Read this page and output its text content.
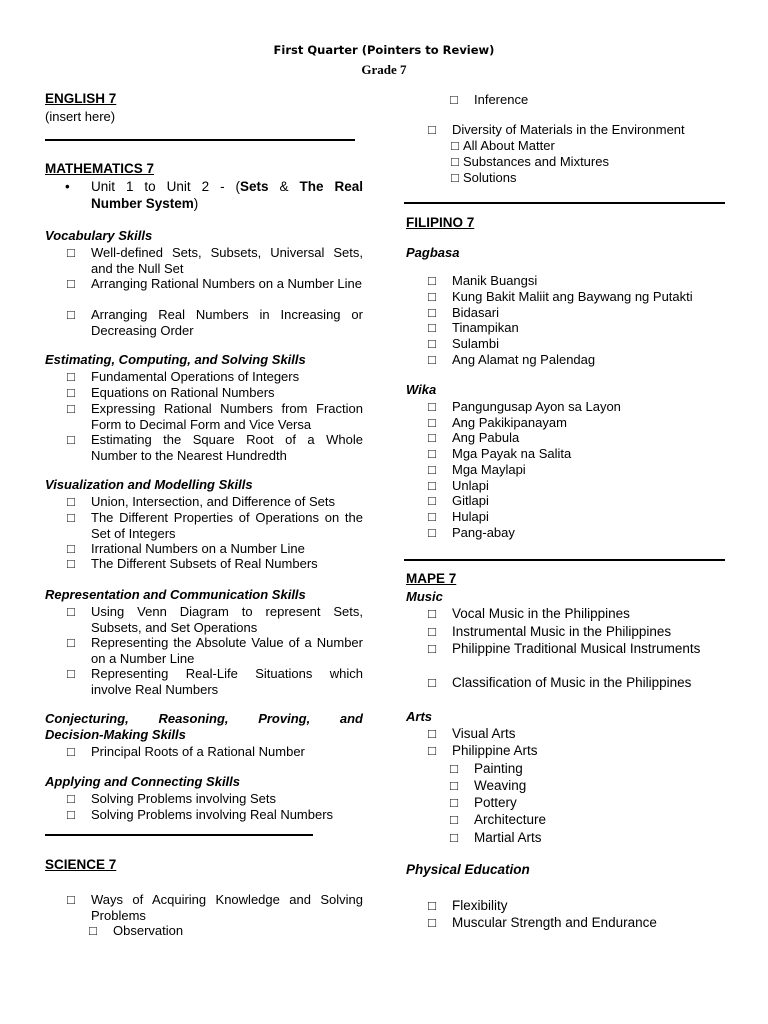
First Quarter (Pointers to Review)
Grade 7
ENGLISH 7
(insert here)
MATHEMATICS 7
• Unit 1 to Unit 2 - (Sets & The Real
Number System)
Vocabulary Skills
□ Well-defined Sets, Subsets, Universal Sets, and the Null Set
□ Arranging Rational Numbers on a Number Line
□ Arranging Real Numbers in Increasing or Decreasing Order
Estimating, Computing, and Solving Skills
□ Fundamental Operations of Integers
□ Equations on Rational Numbers
□ Expressing Rational Numbers from Fraction Form to Decimal Form and Vice Versa
□ Estimating the Square Root of a Whole Number to the Nearest Hundredth
Visualization and Modelling Skills
□ Union, Intersection, and Difference of Sets
□ The Different Properties of Operations on the Set of Integers
□ Irrational Numbers on a Number Line
□ The Different Subsets of Real Numbers
Representation and Communication Skills
□ Using Venn Diagram to represent Sets, Subsets, and Set Operations
□ Representing the Absolute Value of a Number on a Number Line
□ Representing Real-Life Situations which involve Real Numbers
Conjecturing, Reasoning, Proving, and
Decision-Making Skills
□ Principal Roots of a Rational Number
Applying and Connecting Skills
□ Solving Problems involving Sets
□ Solving Problems involving Real Numbers
SCIENCE 7
□ Ways of Acquiring Knowledge and Solving Problems
□ Observation
□ Inference
□ Diversity of Materials in the Environment
□ All About Matter
□ Substances and Mixtures
□ Solutions
FILIPINO 7
Pagbasa
□ Manik Buangsi
□ Kung Bakit Maliit ang Baywang ng Putakti
□ Bidasari
□ Tinampikan
□ Sulambi
□ Ang Alamat ng Palendag
Wika
□ Pangungusap Ayon sa Layon
□ Ang Pakikipanayam
□ Ang Pabula
□ Mga Payak na Salita
□ Mga Maylapi
□ Unlapi
□ Gitlapi
□ Hulapi
□ Pang-abay
MAPE 7
Music
□ Vocal Music in the Philippines
□ Instrumental Music in the Philippines
□ Philippine Traditional Musical Instruments
□ Classification of Music in the Philippines
Arts
□ Visual Arts
□ Philippine Arts
□ Painting
□ Weaving
□ Pottery
□ Architecture
□ Martial Arts
Physical Education
□ Flexibility
□ Muscular Strength and Endurance
